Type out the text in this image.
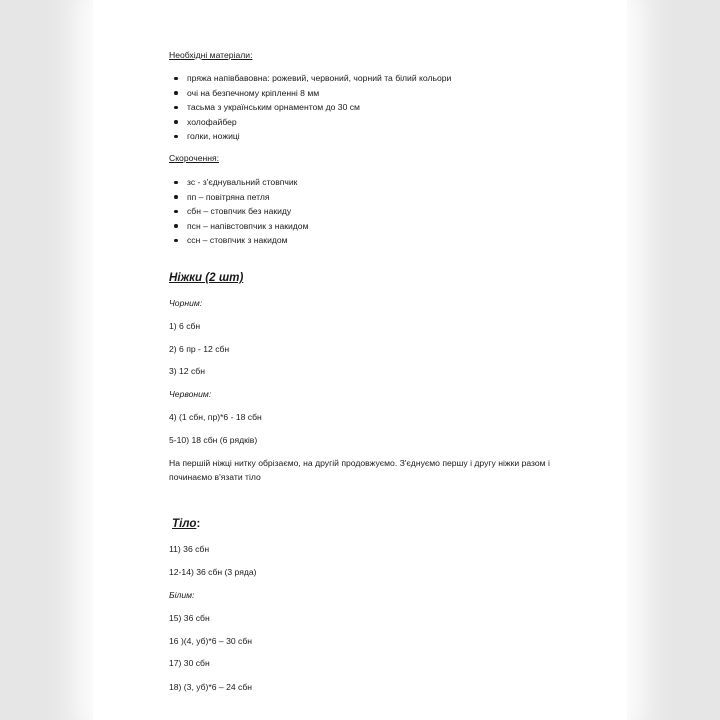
Необхідні матеріали:
пряжа напівбавовна: рожевий, червоний, чорний та білий кольори
очі на безпечному кріпленні 8 мм
тасьма з українським орнаментом до 30 см
холофайбер
голки, ножиці
Скорочення:
зс - з'єднувальний стовпчик
пп – повітряна петля
сбн – стовпчик без накиду
псн – напівстовпчик з накидом
ссн – стовпчик з накидом
Ніжки (2 шт)
Чорним:
1) 6 сбн
2) 6 пр - 12 сбн
3) 12 сбн
Червоним:
4) (1 сбн, пр)*6 - 18 сбн
5-10) 18 сбн (6 рядків)
На першій ніжці нитку обрізаємо, на другій продовжуємо. З'єднуємо першу і другу ніжки разом і
починаємо в'язати тіло
Тіло:
11) 36 сбн
12-14) 36 сбн (3 ряда)
Білим:
15) 36 сбн
16 )(4, уб)*6 – 30 сбн
17) 30 сбн
18) (3, уб)*6 – 24 сбн
